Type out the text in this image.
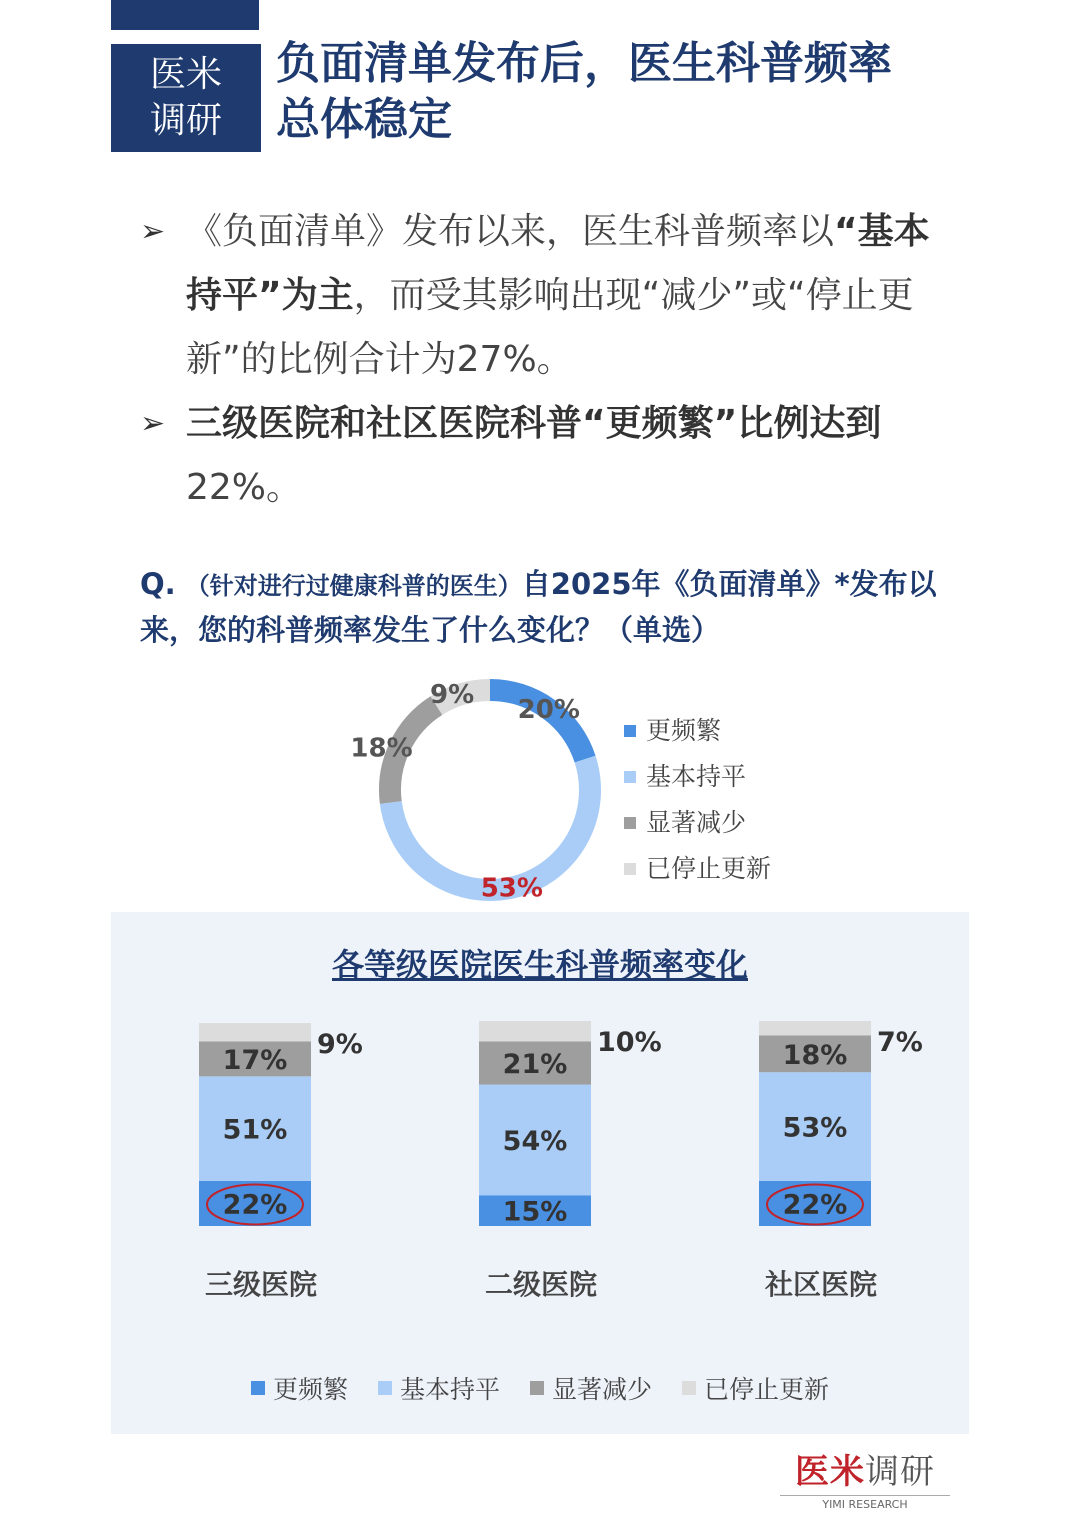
医米
调研
负面清单发布后，医生科普频率
总体稳定
➢ 《负面清单》发布以来，医生科普频率以“基本持平”为主，而受其影响出现“减少”或“停止更新”的比例合计为27%。
➢ 三级医院和社区医院科普“更频繁”比例达到 22%。

Q. （针对进行过健康科普的医生）自2025年《负面清单》*发布以来，您的科普频率发生了什么变化？（单选）

20%
53%
18%
9%
更频繁
基本持平
显著减少
已停止更新
各等级医院医生科普频率变化
22%
51%
17%
9%
三级医院
15%
54%
21%
10%
二级医院
22%
53%
18% 7%
社区医院
更频繁 基本持平 显著减少 已停止更新
医米调研
YIMI RESEARCH
